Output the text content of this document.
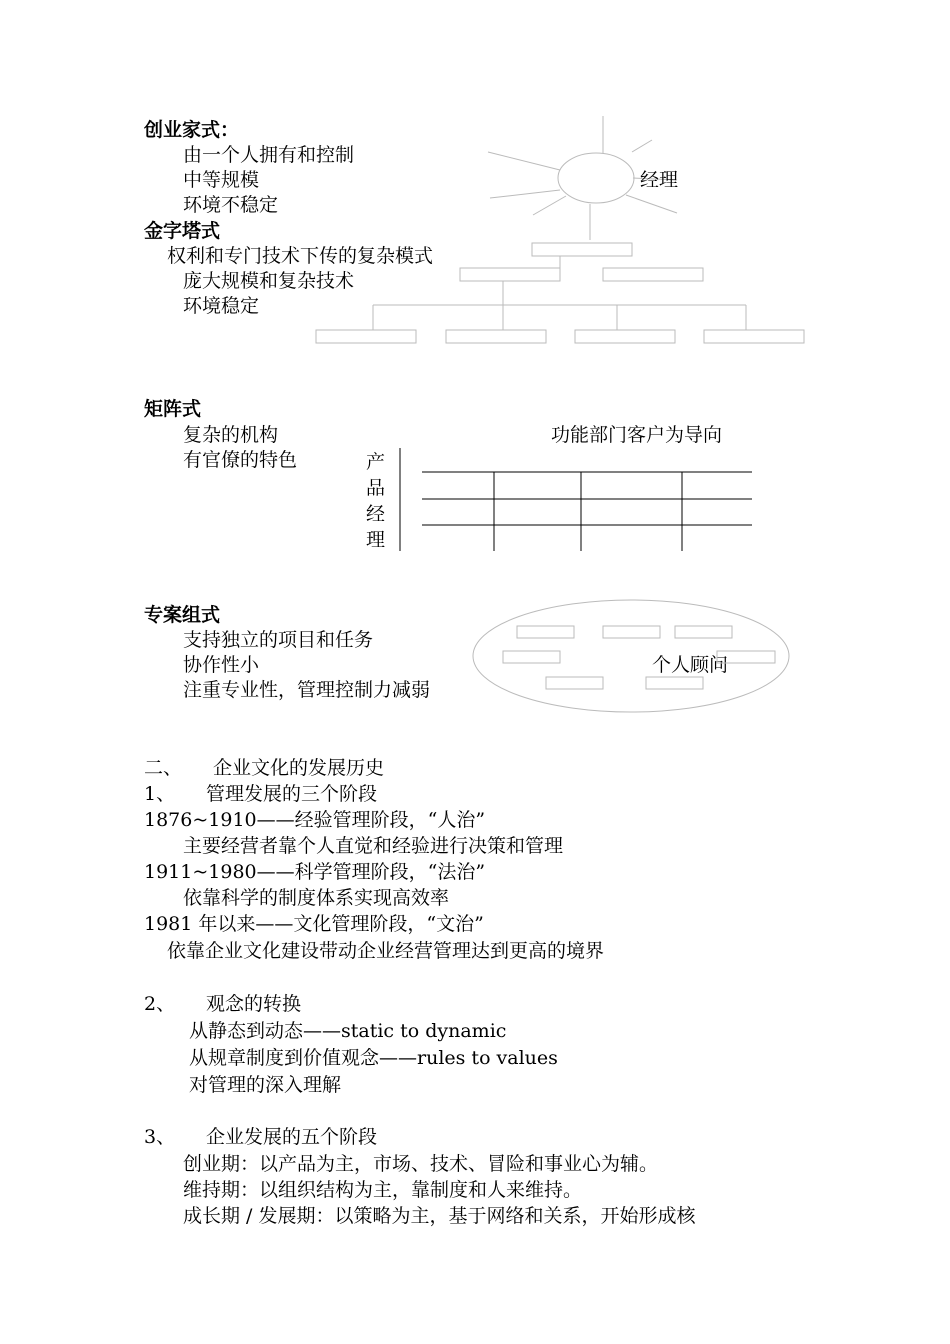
创业家式：
由一个人拥有和控制
中等规模
环境不稳定
经理
金字塔式
权利和专门技术下传的复杂模式
庞大规模和复杂技术
环境稳定
矩阵式
复杂的机构
有官僚的特色
功能部门客户为导向
产
品
经
理
专案组式
支持独立的项目和任务
协作性小
注重专业性，管理控制力减弱
个人顾问
二、 企业文化的发展历史
1、 管理发展的三个阶段
1876~1910——经验管理阶段，“人治”
主要经营者靠个人直觉和经验进行决策和管理
1911~1980——科学管理阶段，“法治”
依靠科学的制度体系实现高效率
1981 年以来——文化管理阶段，“文治”
依靠企业文化建设带动企业经营管理达到更高的境界
2、 观念的转换
从静态到动态——static to dynamic
从规章制度到价值观念——rules to values
对管理的深入理解
3、 企业发展的五个阶段
创业期：以产品为主，市场、技术、冒险和事业心为辅。
维持期：以组织结构为主，靠制度和人来维持。
成长期 / 发展期：以策略为主，基于网络和关系，开始形成核
